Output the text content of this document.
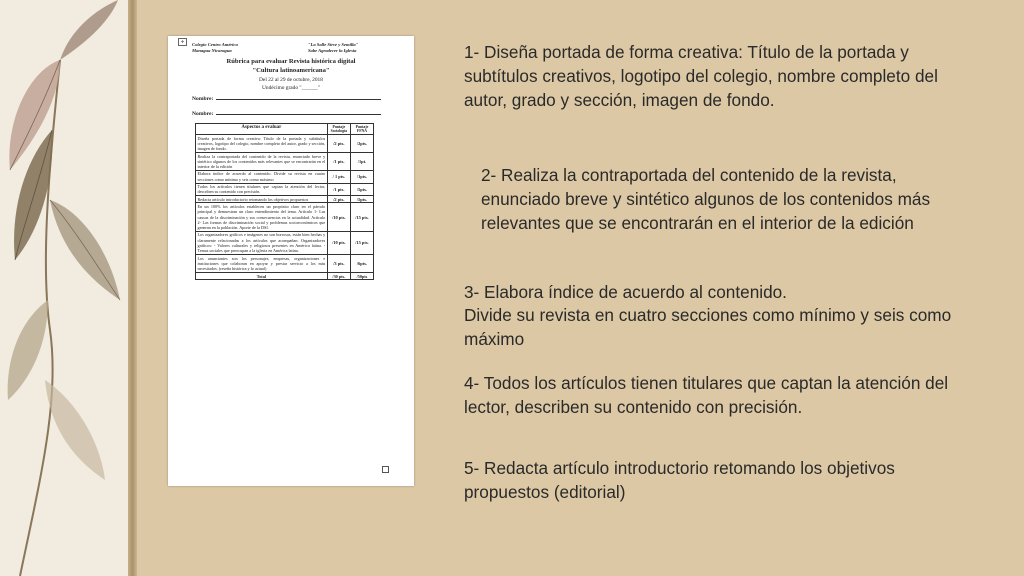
✛
Colegio Centro América
Managua Nicaragua
"La Salle Sirve y Semilla"
Sabe Agradecer la Iglesia
Rúbrica para evaluar Revista histórica digital
"Cultura latinoamericana"
Del 22 al 29 de octubre, 2018
Undécimo grado "______"
Nombre:
Nombre:
Aspectos a evaluar	Puntaje Sociología	Puntaje FFNA
Diseña portada de forma creativa: Título de la portada y subtítulos creativos, logotipo del colegio, nombre completo del autor, grado y sección, imagen de fondo.	/2 pts.	/2pts.
Realiza la contraportada del contenido de la revista, enunciado breve y sintético algunos de los contenidos más relevantes que se encontrarán en el interior de la edición	/1 pts.	/1pt.
Elabora índice de acuerdo al contenido. Divide su revista en cuatro secciones como mínimo y seis como máximo	/ 1 pts.	/1pts.
Todos los artículos tienen titulares que captan la atención del lector, describen su contenido con precisión.	/1 pts.	/5pts.
Redacta artículo introductorio retomando los objetivos propuestos	/2 pts.	/5pts.
En un 100% los artículos establecen un propósito claro en el párrafo principal y demuestran un claro entendimiento del tema. Artículo 1- Las causas de la discriminación y sus consecuencias en la actualidad. Artículo 2- Las formas de discriminación social y problemas socioeconómicos que generan en la población. Aporte de la DSI.	/10 pts.	/15 pts.
Los organizadores gráficos e imágenes no son borrosas, están bien hechas y claramente relacionadas a los artículos que acompañan. Organizadores gráficos: - Valores culturales y religiosos presentes en América latina. - Temas sociales que preocupan a la iglesia en América latina.	/10 pts.	/15 pts.
Los anunciantes son los personajes, empresas, organizaciones e instituciones que colaboran en apoyar y prestar servicio a los más necesitados. (reseña histórica y lo actual)	/3 pts.	/6pts.
Total	/30 pts.	/50pts

1- Diseña portada de forma creativa: Título de la portada y subtítulos creativos, logotipo del colegio, nombre completo del autor, grado y sección, imagen de fondo.

2- Realiza la contraportada del contenido de la revista, enunciado breve y sintético algunos de los contenidos más relevantes que se encontrarán en el interior de la edición

3- Elabora índice de acuerdo al contenido.

Divide su revista en cuatro secciones como mínimo y seis como máximo

4- Todos los artículos tienen titulares que captan la atención del lector, describen su contenido con precisión.

5- Redacta artículo introductorio retomando los objetivos propuestos (editorial)
